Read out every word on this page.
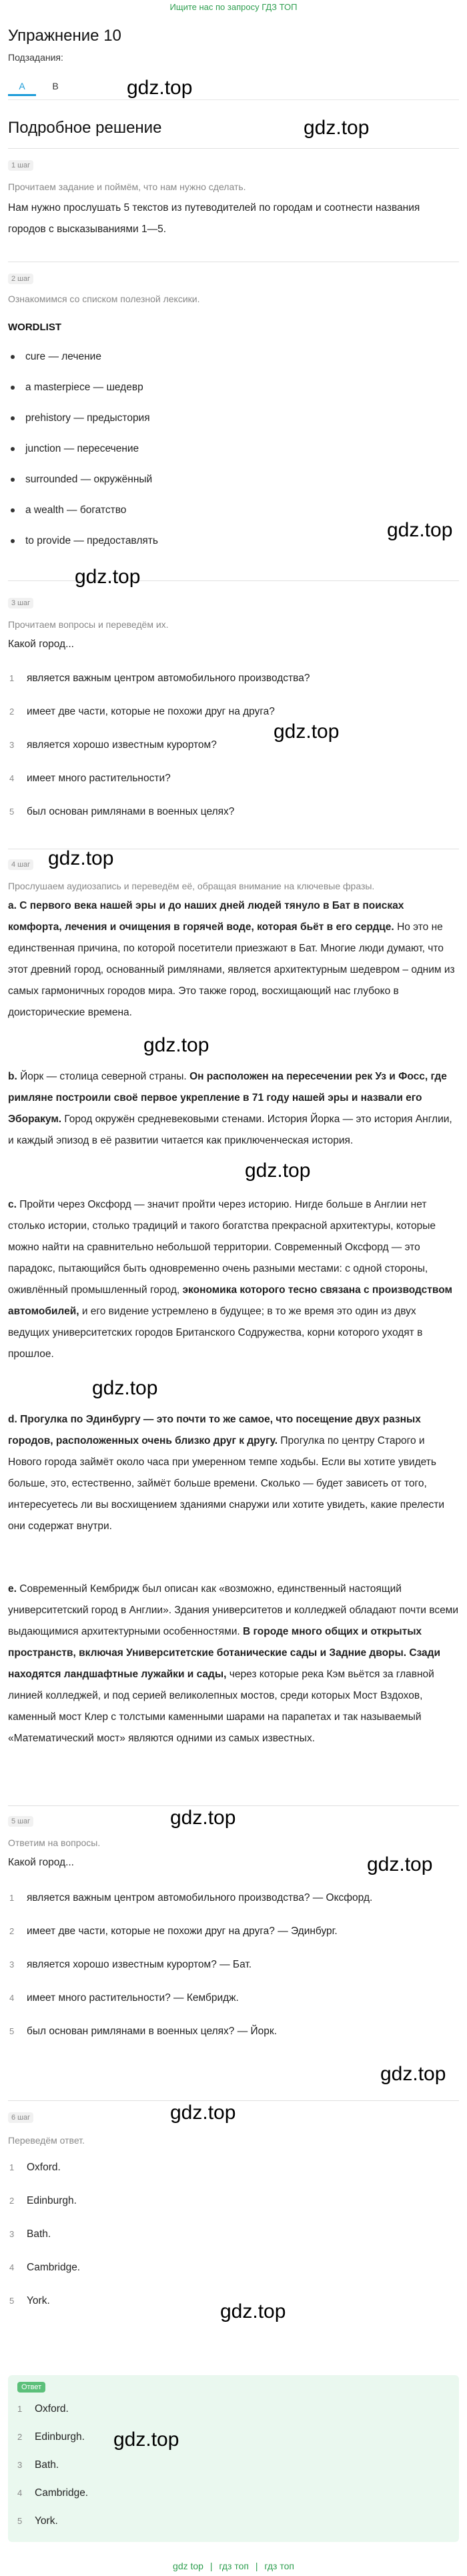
Ищите нас по запросу ГДЗ ТОП
Упражнение 10
Подзадания:
A	B	gdz.top
Подробное решение	gdz.top
1 шаг
Прочитаем задание и поймём, что нам нужно сделать.
Нам нужно прослушать 5 текстов из путеводителей по городам и соотнести названия городов с высказываниями 1—5.
2 шаг
Ознакомимся со списком полезной лексики.
WORDLIST
cure — лечение
a masterpiece — шедевр
prehistory — предыстория
junction — пересечение
surrounded — окружённый
a wealth — богатство
to provide — предоставлять	gdz.top
gdz.top
3 шаг
Прочитаем вопросы и переведём их.
Какой город...
1 является важным центром автомобильного производства?
2 имеет две части, которые не похожи друг на друга?
3 является хорошо известным курортом?
4 имеет много растительности?
5 был основан римлянами в военных целях?
gdz.top
4 шаг gdz.top
Прослушаем аудиозапись и переведём её, обращая внимание на ключевые фразы.
a. С первого века нашей эры и до наших дней людей тянуло в Бат в поисках комфорта, лечения и очищения в горячей воде, которая бьёт в его сердце. Но это не единственная причина, по которой посетители приезжают в Бат. Многие люди думают, что этот древний город, основанный римлянами, является архитектурным шедевром – одним из самых гармоничных городов мира. Это также город, восхищающий нас глубоко в доисторические времена.
gdz.top
b. Йорк — столица северной страны. Он расположен на пересечении рек Уз и Фосс, где римляне построили своё первое укрепление в 71 году нашей эры и назвали его Эборакум. Город окружён средневековыми стенами. История Йорка — это история Англии, и каждый эпизод в её развитии читается как приключенческая история.
gdz.top
c. Пройти через Оксфорд — значит пройти через историю. Нигде больше в Англии нет столько истории, столько традиций и такого богатства прекрасной архитектуры, которые можно найти на сравнительно небольшой территории. Современный Оксфорд — это парадокс, пытающийся быть одновременно очень разными местами: с одной стороны, оживлённый промышленный город, экономика которого тесно связана с производством автомобилей, и его видение устремлено в будущее; в то же время это один из двух ведущих университетских городов Британского Содружества, корни которого уходят в прошлое.
gdz.top
d. Прогулка по Эдинбургу — это почти то же самое, что посещение двух разных городов, расположенных очень близко друг к другу. Прогулка по центру Старого и Нового города займёт около часа при умеренном темпе ходьбы. Если вы хотите увидеть больше, это, естественно, займёт больше времени. Сколько — будет зависеть от того, интересуетесь ли вы восхищением зданиями снаружи или хотите увидеть, какие прелести они содержат внутри.
e. Современный Кембридж был описан как «возможно, единственный настоящий университетский город в Англии». Здания университетов и колледжей обладают почти всеми выдающимися архитектурными особенностями. В городе много общих и открытых пространств, включая Университетские ботанические сады и Задние дворы. Сзади находятся ландшафтные лужайки и сады, через которые река Кэм вьётся за главной линией колледжей, и под серией великолепных мостов, среди которых Мост Вздохов, каменный мост Клер с толстыми каменными шарами на парапетах и так называемый «Математический мост» являются одними из самых известных.
gdz.top
5 шаг
Ответим на вопросы.
Какой город...	gdz.top
1 является важным центром автомобильного производства? — Оксфорд.
2 имеет две части, которые не похожи друг на друга? — Эдинбург.
3 является хорошо известным курортом? — Бат.
4 имеет много растительности? — Кембридж.
5 был основан римлянами в военных целях? — Йорк.
gdz.top
gdz.top
6 шаг
Переведём ответ.
1 Oxford.
2 Edinburgh.
3 Bath.
4 Cambridge.
5 York.	gdz.top
Ответ
1 Oxford.
2 Edinburgh.
3 Bath.
4 Cambridge.
5 York.
gdz.top
gdz top | гдз топ | гдз топ
